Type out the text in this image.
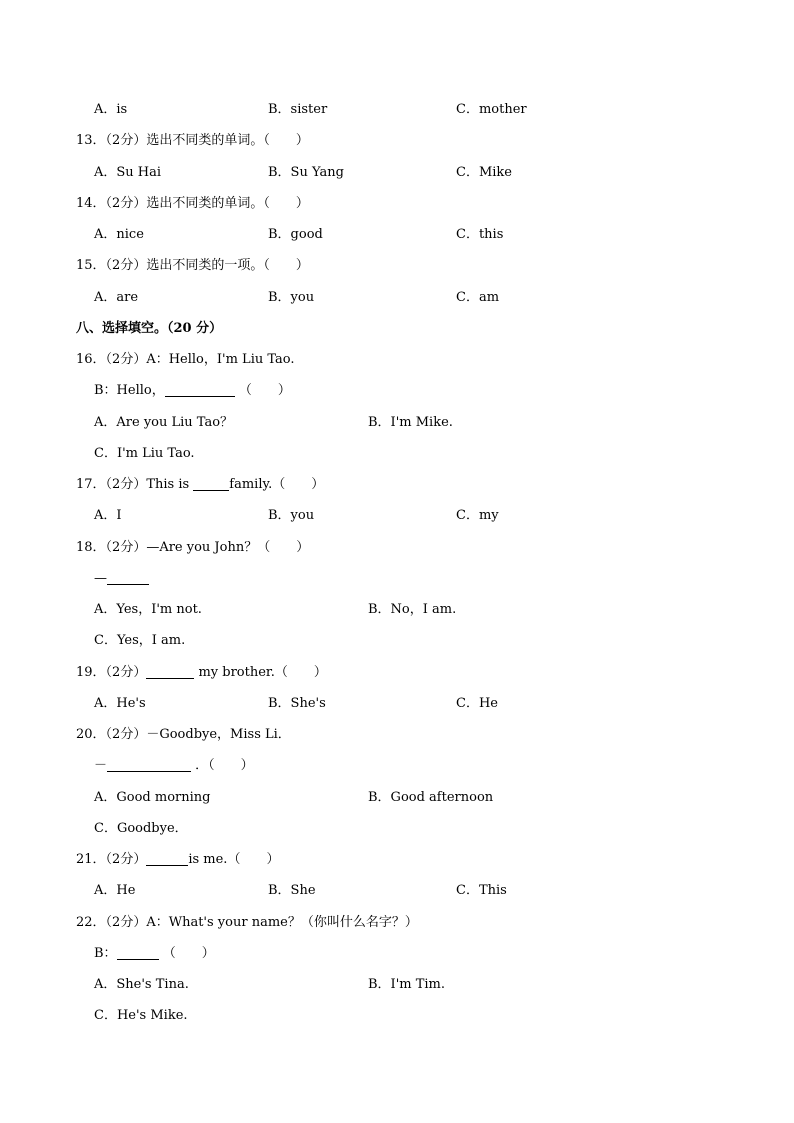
A．is	B．sister	C．mother
13．（2分）选出不同类的单词。（　　）
A．Su Hai	B．Su Yang	C．Mike
14．（2分）选出不同类的单词。（　　）
A．nice	B．good	C．this
15．（2分）选出不同类的一项。（　　）
A．are	B．you	C．am
八、选择填空。（20 分）
16．（2分）A：Hello，I'm Liu Tao.
B：Hello，	（　　）
A．Are you Liu Tao？	B．I'm Mike.
C．I'm Liu Tao.
17．（2分）This is	family.（　　）
A．I	B．you	C．my
18．（2分）—Are you John？（　　）
—
A．Yes，I'm not.	B．No，I am.
C．Yes，I am.
19．（2分）	my brother.（　　）
A．He's	B．She's	C．He
20．（2分）－Goodbye，Miss Li．
－	．（　　）
A．Good morning	B．Good afternoon
C．Goodbye．
21．（2分）	is me.（　　）
A．He	B．She	C．This
22．（2分）A：What's your name？（你叫什么名字？）
B：	（　　）
A．She's Tina.	B．I'm Tim.
C．He's Mike.
